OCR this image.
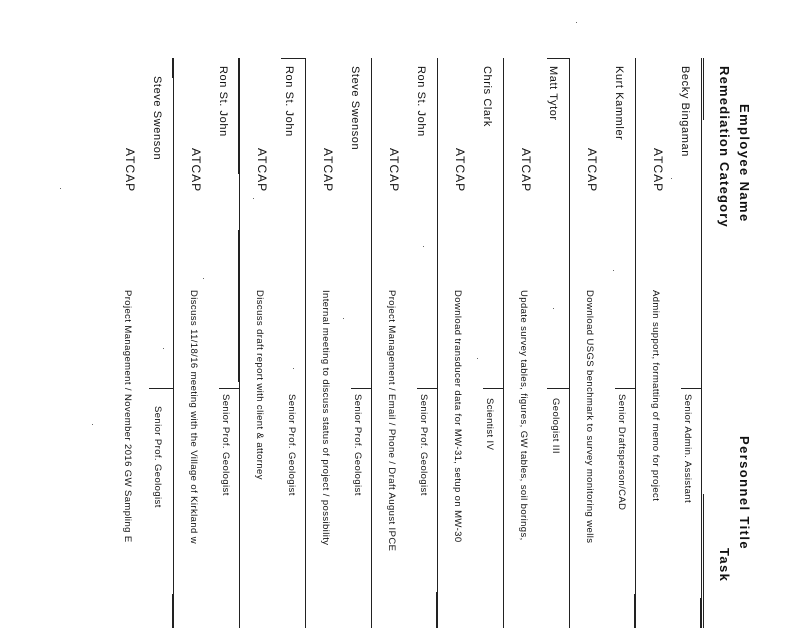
Employee Name
Remediation Category
Personnel Title
Task
Becky Bingaman
ATCAP
Admin support, formatting of memo for project Senior Admin. Assistant
Kurt Kammler
ATCAP
Download USGS benchmark to survey monitoring wells Senior Draftsperson/CAD
Matt Tytor
ATCAP
Update survey tables, figures, GW tables, soil borings, Geologist III
Chris Clark
ATCAP
Download transducer data for MW-31, setup on MW-30 Scientist IV
Ron St. John
ATCAP
Project Management / Email / Phone / Draft August IPCE Senior Prof. Geologist
Steve Swenson
ATCAP
Internal meeting to discuss status of project / possibility Senior Prof. Geologist
Ron St. John
ATCAP
Discuss draft report with client & attorney Senior Prof. Geologist
Ron St. John
ATCAP
Discuss 11/18/16 meeting with the Village of Kirkland w Senior Prof. Geologist
Steve Swenson
ATCAP
Project Management / November 2016 GW Sampling E Senior Prof. Geologist
